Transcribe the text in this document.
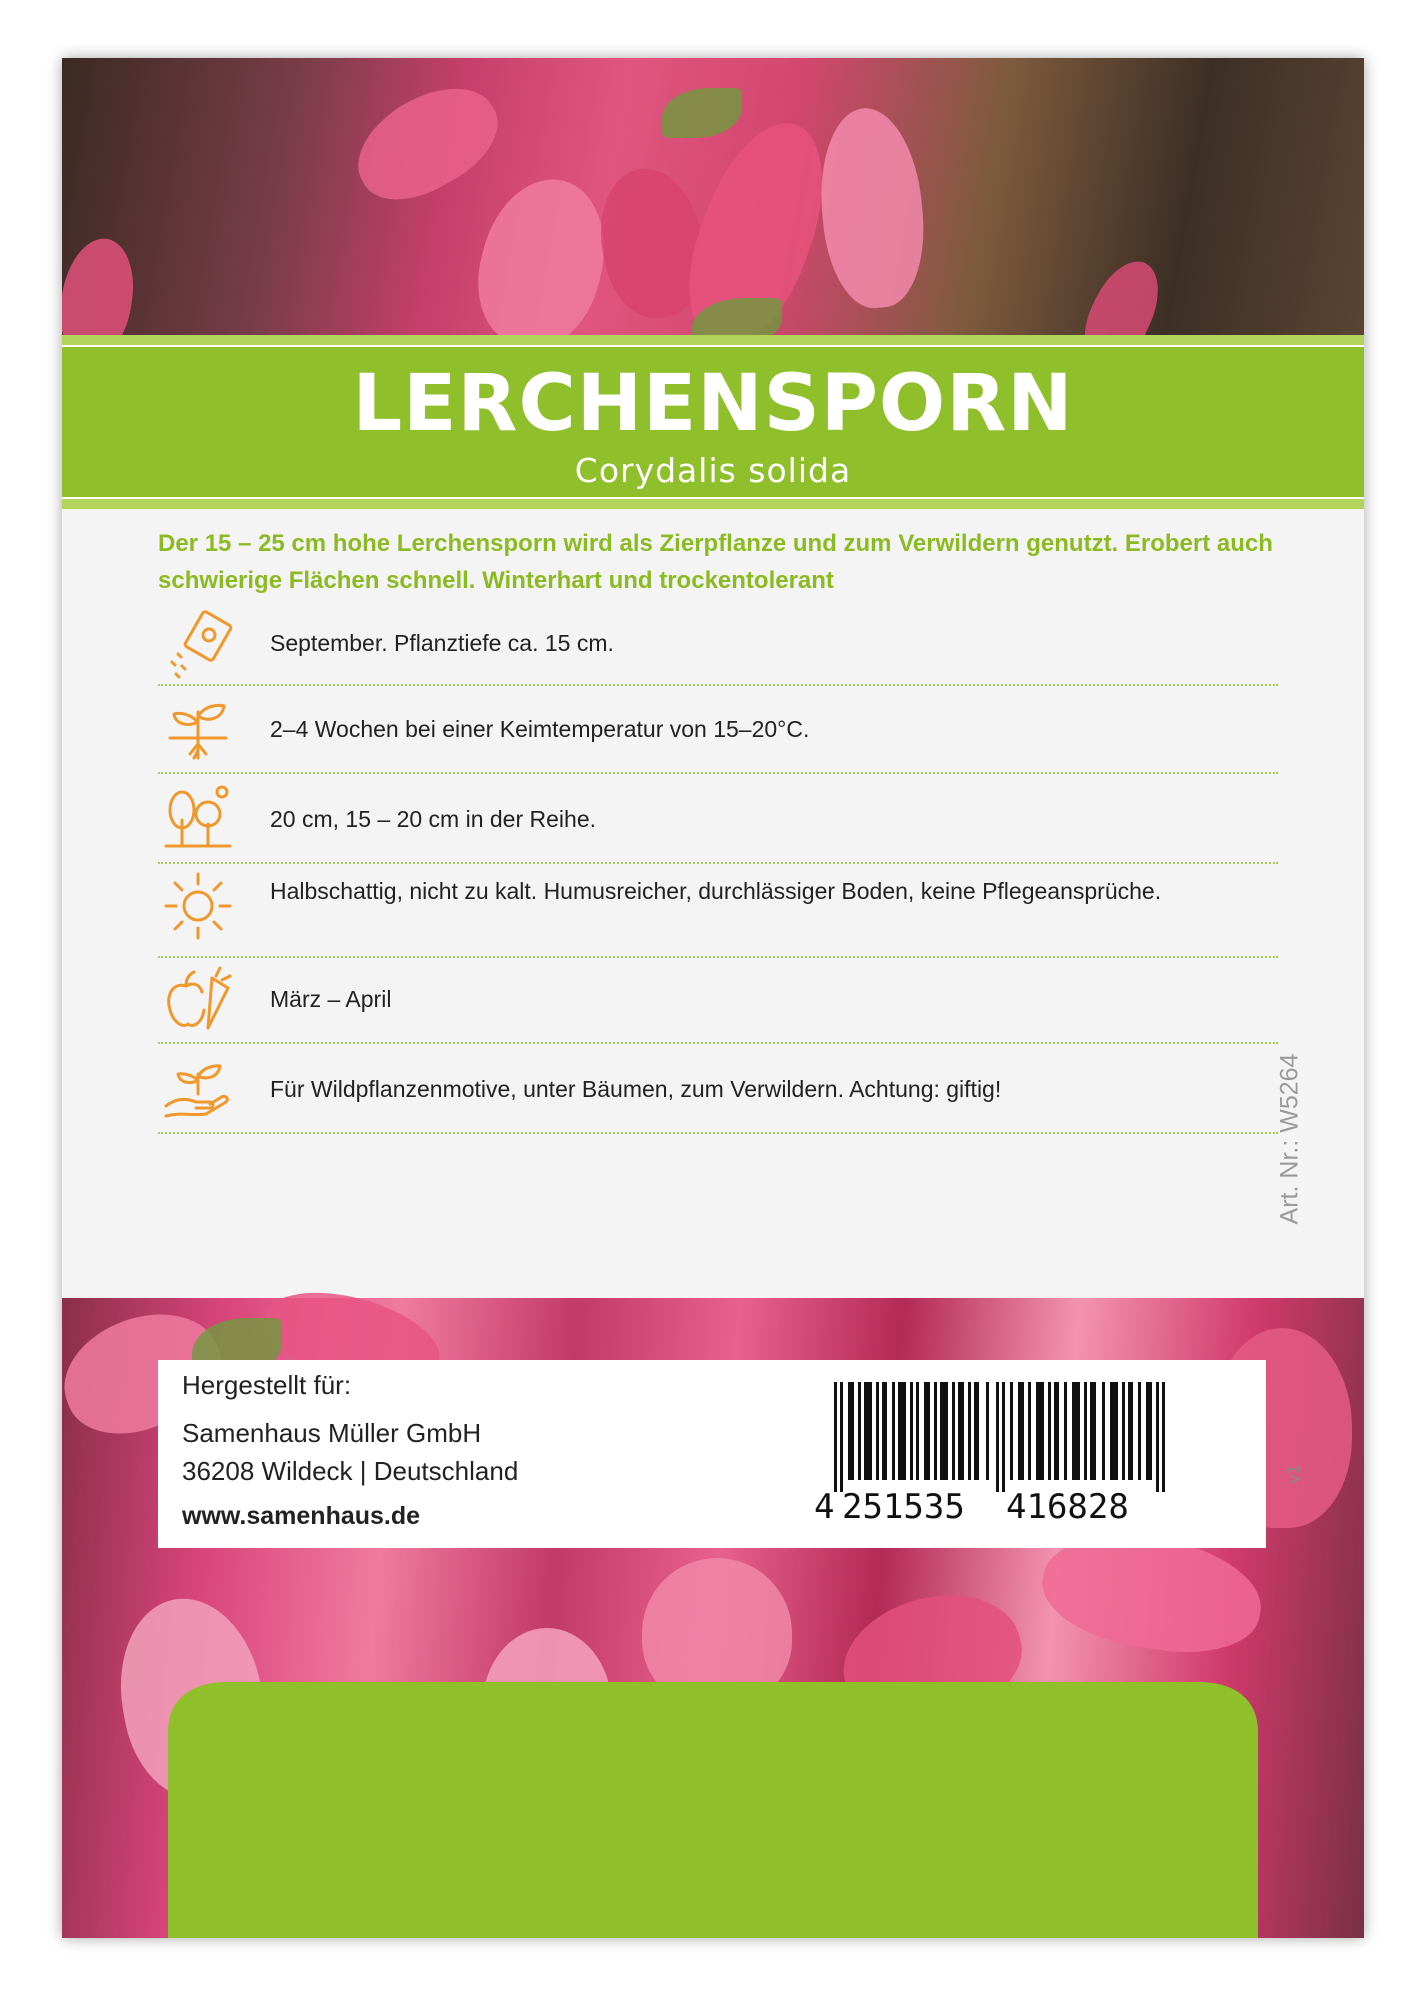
LERCHENSPORN
Corydalis solida
Der 15 – 25 cm hohe Lerchensporn wird als Zierpflanze und zum Verwildern genutzt. Erobert auch schwierige Flächen schnell. Winterhart und trockentolerant
September. Pflanztiefe ca. 15 cm.
2–4 Wochen bei einer Keimtemperatur von 15–20°C.
20 cm, 15 – 20 cm in der Reihe.
Halbschattig, nicht zu kalt. Humusreicher, durchlässiger Boden, keine Pflegeansprüche.
März – April
Für Wildpflanzenmotive, unter Bäumen, zum Verwildern. Achtung: giftig!	Art. Nr.: W5264
Hergestellt für:
Samenhaus Müller GmbH
36208 Wildeck | Deutschland
www.samenhaus.de	4 251535 416828
v1
